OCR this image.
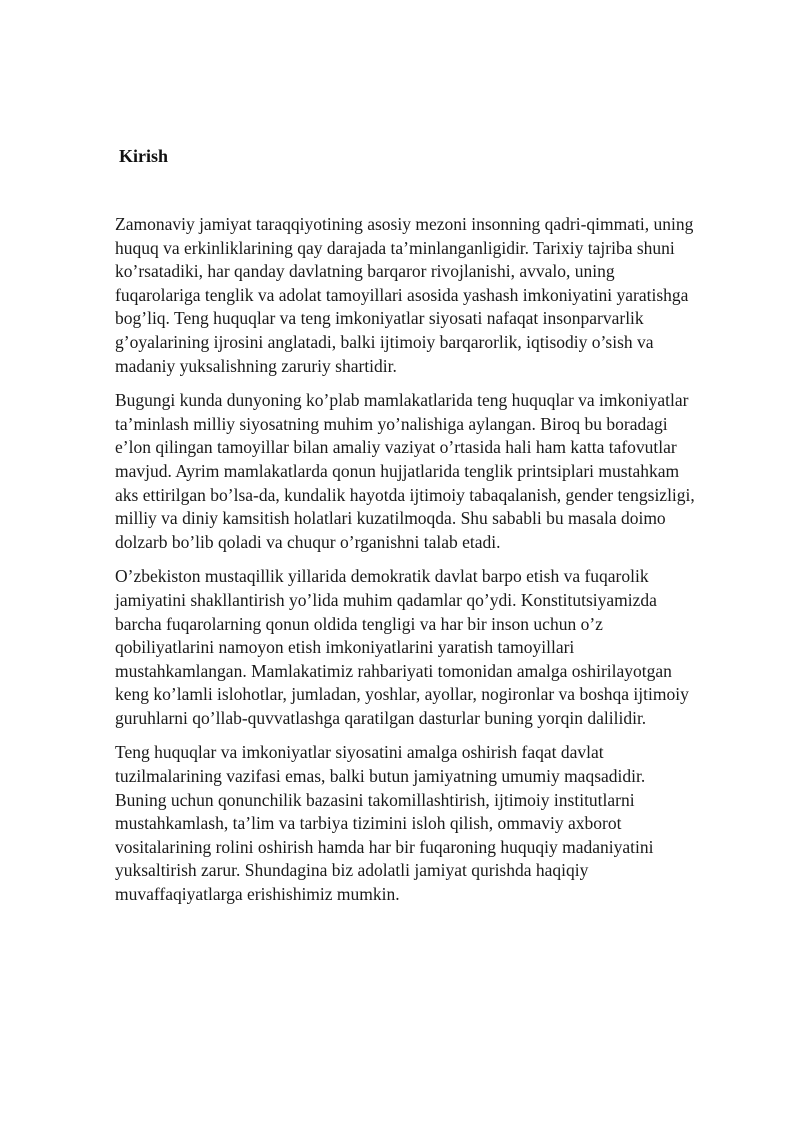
Kirish

Zamonaviy jamiyat taraqqiyotining asosiy mezoni insonning qadri-qimmati, uning
huquq va erkinliklarining qay darajada ta’minlanganligidir. Tarixiy tajriba shuni
ko’rsatadiki, har qanday davlatning barqaror rivojlanishi, avvalo, uning
fuqarolariga tenglik va adolat tamoyillari asosida yashash imkoniyatini yaratishga
bog’liq. Teng huquqlar va teng imkoniyatlar siyosati nafaqat insonparvarlik
g’oyalarining ijrosini anglatadi, balki ijtimoiy barqarorlik, iqtisodiy o’sish va
madaniy yuksalishning zaruriy shartidir.

Bugungi kunda dunyoning ko’plab mamlakatlarida teng huquqlar va imkoniyatlar
ta’minlash milliy siyosatning muhim yo’nalishiga aylangan. Biroq bu boradagi
e’lon qilingan tamoyillar bilan amaliy vaziyat o’rtasida hali ham katta tafovutlar
mavjud. Ayrim mamlakatlarda qonun hujjatlarida tenglik printsiplari mustahkam
aks ettirilgan bo’lsa-da, kundalik hayotda ijtimoiy tabaqalanish, gender tengsizligi,
milliy va diniy kamsitish holatlari kuzatilmoqda. Shu sababli bu masala doimo
dolzarb bo’lib qoladi va chuqur o’rganishni talab etadi.

O’zbekiston mustaqillik yillarida demokratik davlat barpo etish va fuqarolik
jamiyatini shakllantirish yo’lida muhim qadamlar qo’ydi. Konstitutsiyamizda
barcha fuqarolarning qonun oldida tengligi va har bir inson uchun o’z
qobiliyatlarini namoyon etish imkoniyatlarini yaratish tamoyillari
mustahkamlangan. Mamlakatimiz rahbariyati tomonidan amalga oshirilayotgan
keng ko’lamli islohotlar, jumladan, yoshlar, ayollar, nogironlar va boshqa ijtimoiy
guruhlarni qo’llab-quvvatlashga qaratilgan dasturlar buning yorqin dalilidir.

Teng huquqlar va imkoniyatlar siyosatini amalga oshirish faqat davlat
tuzilmalarining vazifasi emas, balki butun jamiyatning umumiy maqsadidir.
Buning uchun qonunchilik bazasini takomillashtirish, ijtimoiy institutlarni
mustahkamlash, ta’lim va tarbiya tizimini isloh qilish, ommaviy axborot
vositalarining rolini oshirish hamda har bir fuqaroning huquqiy madaniyatini
yuksaltirish zarur. Shundagina biz adolatli jamiyat qurishda haqiqiy
muvaffaqiyatlarga erishishimiz mumkin.
